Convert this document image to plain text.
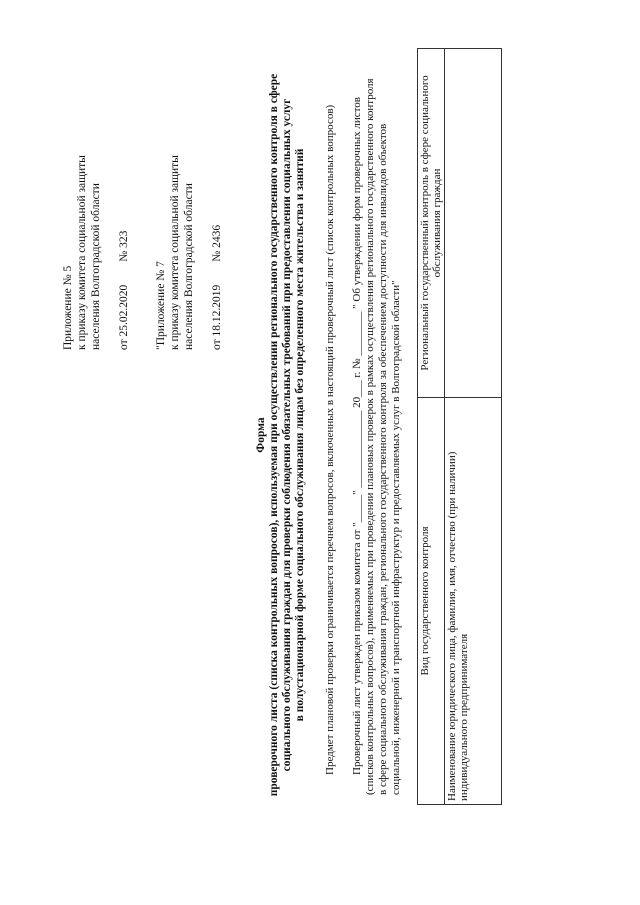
Приложение № 5 к приказу комитета социальной защиты населения Волгоградской области от 25.02.2020        № 323 "Приложение № 7 к приказу комитета социальной защиты населения Волгоградской области от 18.12.2019        № 2436
Форма проверочного листа (списка контрольных вопросов), используемая при осуществлении регионального государственного контроля в сфере социального обслуживания граждан для проверки соблюдения обязательных требований при предоставлении социальных услуг в полустационарной форме социального обслуживания лицам без определенного места жительства и занятий Предмет плановой проверки ограничивается перечнем вопросов, включенных в настоящий проверочный лист (список контрольных вопросов) Проверочный лист утвержден приказом комитета от "_____" ______________ 20___ г. № ________ " Об утверждении форм проверочных листов (списков контрольных вопросов), применяемых при проведении плановых проверок в рамках осуществления регионального государственного контроля в сфере социального обслуживания граждан, регионального государственного контроля за обеспечением доступности для инвалидов объектов социальной, инженерной и транспортной инфраструктур и предоставляемых услуг в Волгоградской области" Вид государственного контроля	Региональный государственный контроль в сфере социального обслуживания граждан

Наименование юридического лица, фамилия, имя, отчество (при наличии) индивидуального предпринимателя	
